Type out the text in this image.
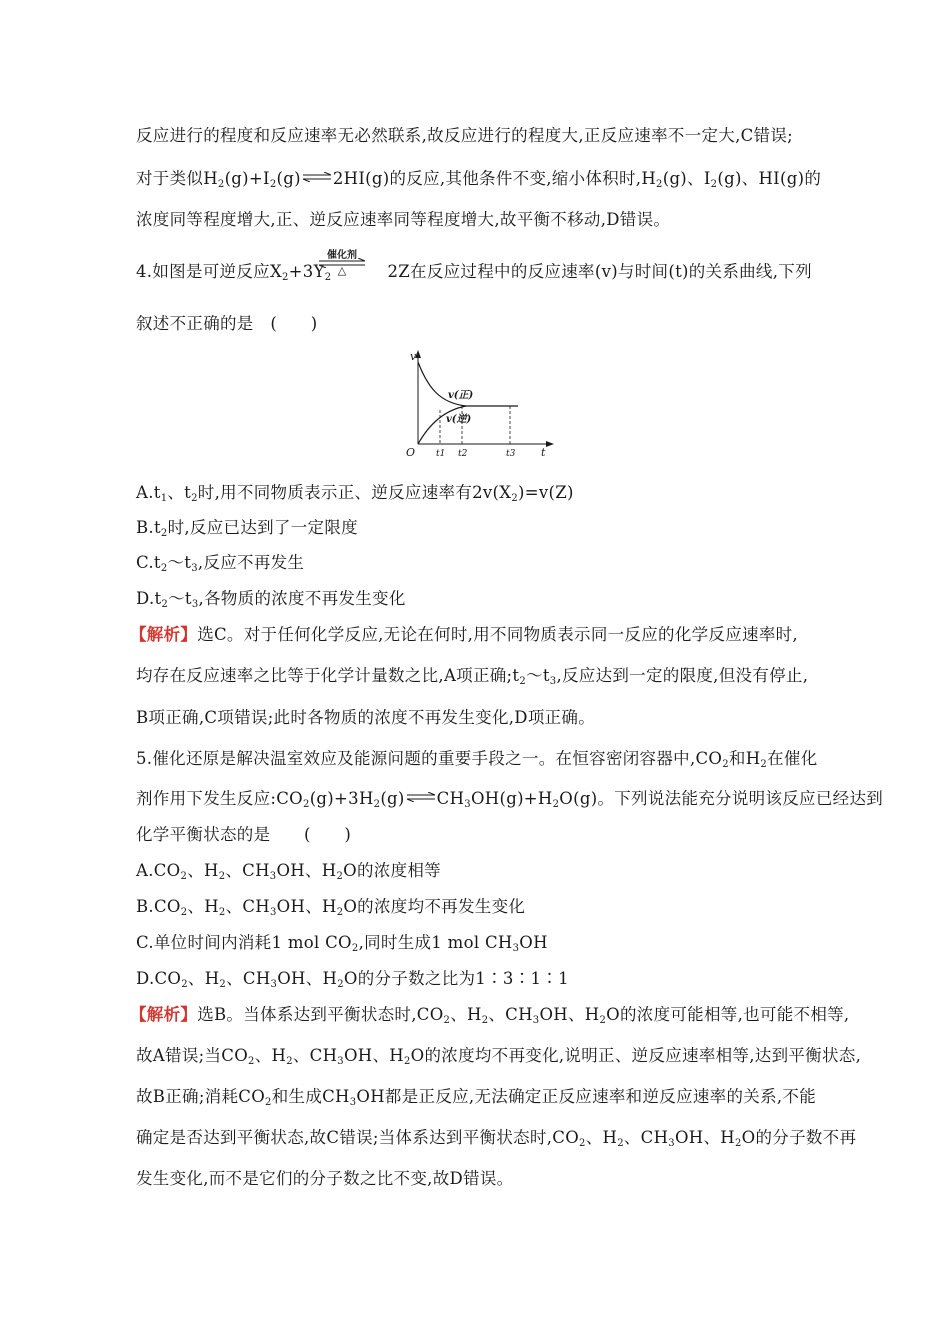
反应进行的程度和反应速率无必然联系,故反应进行的程度大,正反应速率不一定大,C错误;
对于类似$H_2(g)+I_2(g)\rightleftharpoons 2HI(g)$的反应,其他条件不变,缩小体积时$,H_2(g)$、$I_2(g)$、HI(g)的
浓度同等程度增大,正、逆反应速率同等程度增大,故平衡不移动,D错误。
催化剂
△
4.如图是可逆反应$X_2+3Y_2$	2Z在反应过程中的反应速率(v)与时间(t)的关系曲线,下列
叙述不正确的是　(　　)
v
t
O
v(正)
v(逆)
t1 t2	t3
$A.t_1$、$t_2$时,用不同物质表示正、逆反应速率有$2v(X_2)=v(Z)$
$B.t_2$时,反应已达到了一定限度
$C.t_2\sim t_3$,反应不再发生
$D.t_2\sim t_3$,各物质的浓度不再发生变化
【解析】选C。对于任何化学反应,无论在何时,用不同物质表示同一反应的化学反应速率时,
均存在反应速率之比等于化学计量数之比,A项正确$;t_2\sim t_3$,反应达到一定的限度,但没有停止,
B项正确,C项错误;此时各物质的浓度不再发生变化,D项正确。
5.催化还原是解决温室效应及能源问题的重要手段之一。在恒容密闭容器中$,CO_2$和$H_2$在催化
剂作用下发生反应$:CO_2(g)+3H_2(g)\rightleftharpoons CH_3OH(g)+H_2O(g)$。下列说法能充分说明该反应已经达到
化学平衡状态的是　　(　　)
$A.CO_2$、$H_2$、$CH_3OH$、$H_2O$的浓度相等
$B.CO_2$、$H_2$、$CH_3OH$、$H_2O$的浓度均不再发生变化
C.单位时间内消耗1 mol $CO_2$,同时生成1 mol $CH_3OH$
$D.CO_2$、$H_2$、$CH_3OH$、$H_2O$的分子数之比为1∶3∶1∶1
【解析】选B。当体系达到平衡状态时$,CO_2$、$H_2$、$CH_3OH$、$H_2O$的浓度可能相等,也可能不相等,
故A错误;当$CO_2$、$H_2$、$CH_3OH$、$H_2O$的浓度均不再变化,说明正、逆反应速率相等,达到平衡状态,
故B正确;消耗$CO_2$和生成$CH_3OH$都是正反应,无法确定正反应速率和逆反应速率的关系,不能
确定是否达到平衡状态,故C错误;当体系达到平衡状态时$,CO_2$、$H_2$、$CH_3OH$、$H_2O$的分子数不再
发生变化,而不是它们的分子数之比不变,故D错误。
